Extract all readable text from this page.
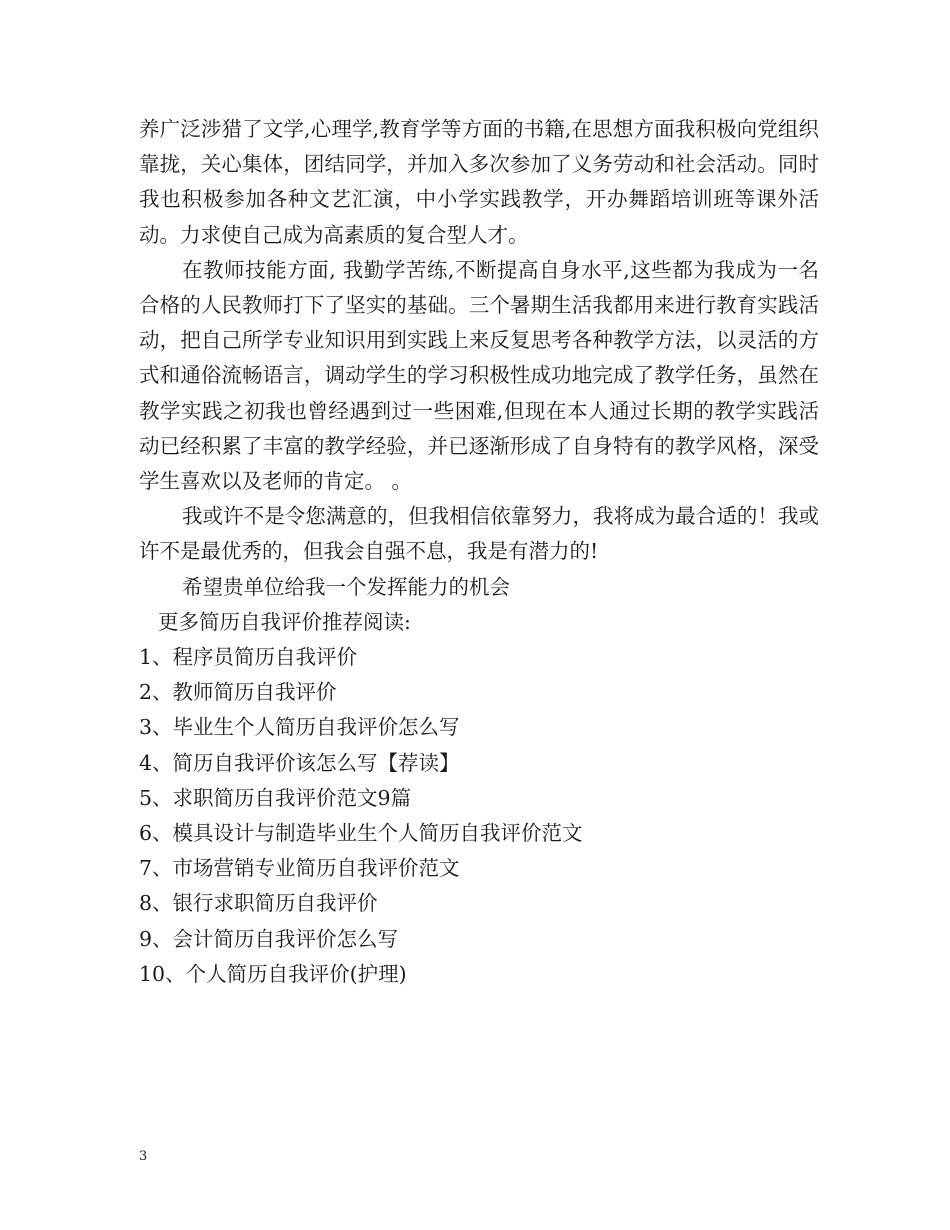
养广泛涉猎了文学,心理学,教育学等方面的书籍,在思想方面我积极向党组织靠拢，关心集体，团结同学，并加入多次参加了义务劳动和社会活动。同时我也积极参加各种文艺汇演，中小学实践教学，开办舞蹈培训班等课外活动。力求使自己成为高素质的复合型人才。

在教师技能方面, 我勤学苦练,不断提高自身水平,这些都为我成为一名合格的人民教师打下了坚实的基础。三个暑期生活我都用来进行教育实践活动，把自己所学专业知识用到实践上来反复思考各种教学方法，以灵活的方式和通俗流畅语言，调动学生的学习积极性成功地完成了教学任务，虽然在教学实践之初我也曾经遇到过一些困难,但现在本人通过长期的教学实践活动已经积累了丰富的教学经验，并已逐渐形成了自身特有的教学风格，深受学生喜欢以及老师的肯定。 。

我或许不是令您满意的，但我相信依靠努力，我将成为最合适的！我或许不是最优秀的，但我会自强不息，我是有潜力的!

希望贵单位给我一个发挥能力的机会

更多简历自我评价推荐阅读:

1、程序员简历自我评价
2、教师简历自我评价
3、毕业生个人简历自我评价怎么写
4、简历自我评价该怎么写【荐读】
5、求职简历自我评价范文9篇
6、模具设计与制造毕业生个人简历自我评价范文
7、市场营销专业简历自我评价范文
8、银行求职简历自我评价
9、会计简历自我评价怎么写
10、个人简历自我评价(护理)
3
